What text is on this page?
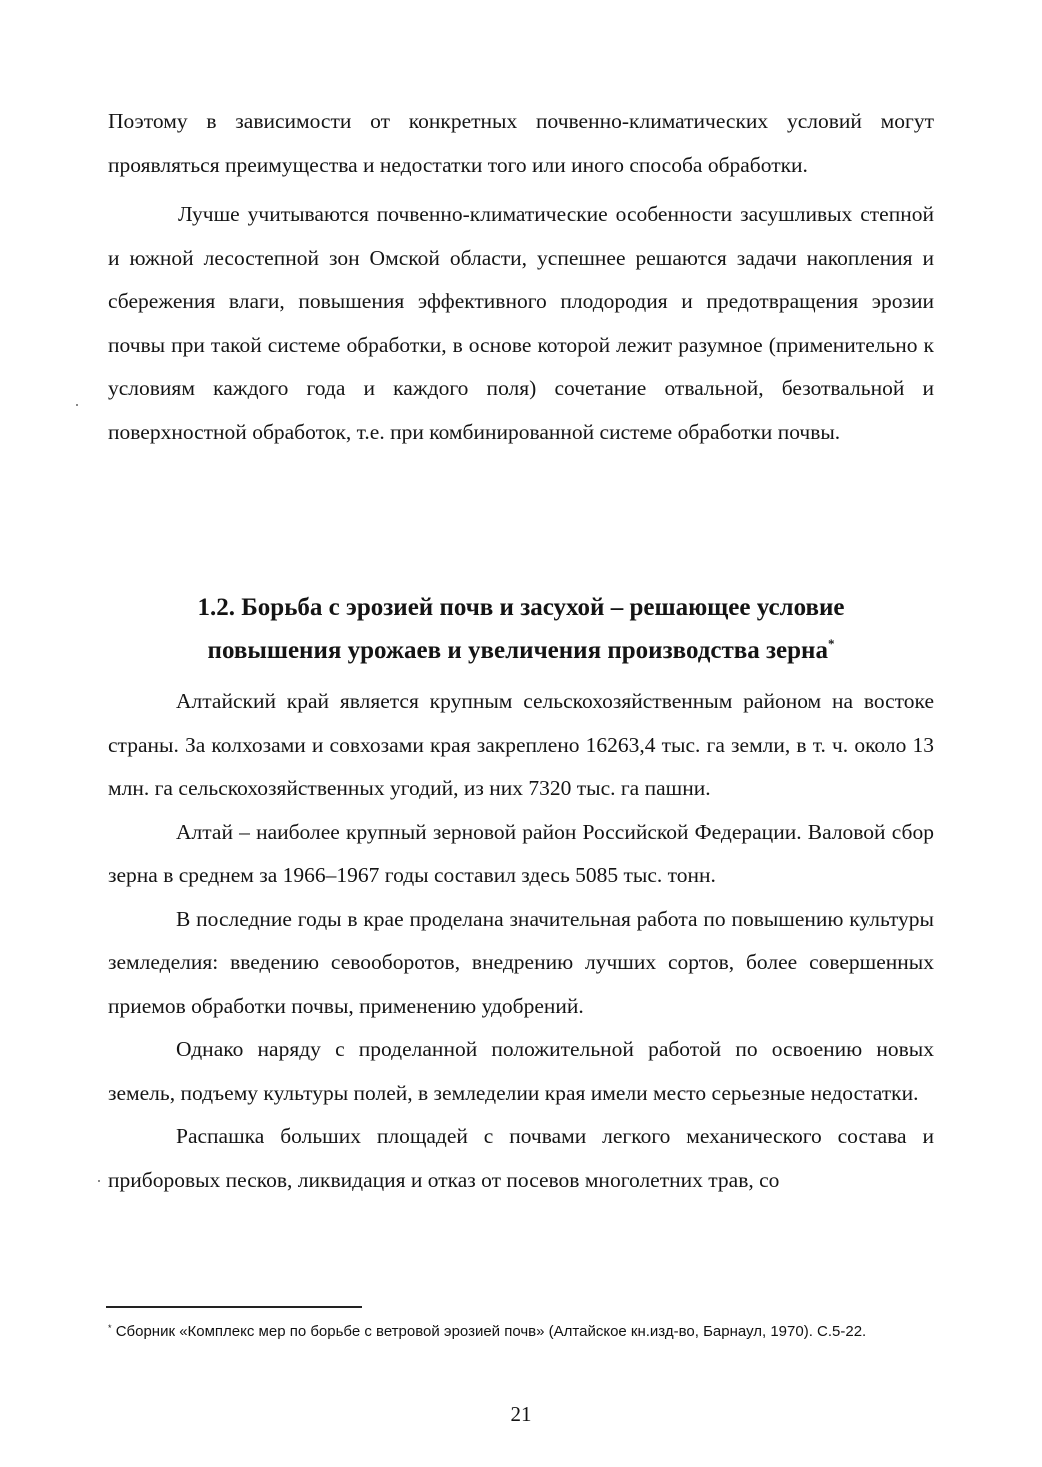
Поэтому в зависимости от конкретных почвенно-климатических условий могут проявляться преимущества и недостатки того или иного способа обработки.

Лучше учитываются почвенно-климатические особенности засушливых степной и южной лесостепной зон Омской области, успешнее решаются задачи накопления и сбережения влаги, повышения эффективного плодородия и предотвращения эрозии почвы при такой системе обработки, в основе которой лежит разумное (применительно к условиям каждого года и каждого поля) сочетание отвальной, безотвальной и поверхностной обработок, т.е. при комбинированной системе обработки почвы.

1.2. Борьба с эрозией почв и засухой – решающее условие
повышения урожаев и увеличения производства зерна*

Алтайский край является крупным сельскохозяйственным районом на востоке страны. За колхозами и совхозами края закреплено 16263,4 тыс. га земли, в т. ч. около 13 млн. га сельскохозяйственных угодий, из них 7320 тыс. га пашни.

Алтай – наиболее крупный зерновой район Российской Федерации. Валовой сбор зерна в среднем за 1966–1967 годы составил здесь 5085 тыс. тонн.

В последние годы в крае проделана значительная работа по повышению культуры земледелия: введению севооборотов, внедрению лучших сортов, более совершенных приемов обработки почвы, применению удобрений.

Однако наряду с проделанной положительной работой по освоению новых земель, подъему культуры полей, в земледелии края имели место серьезные недостатки.

Распашка больших площадей с почвами легкого механического состава и приборовых песков, ликвидация и отказ от посевов многолетних трав, со

* Сборник «Комплекс мер по борьбе с ветровой эрозией почв» (Алтайское кн.изд-во, Барнаул, 1970). С.5-22.
21
